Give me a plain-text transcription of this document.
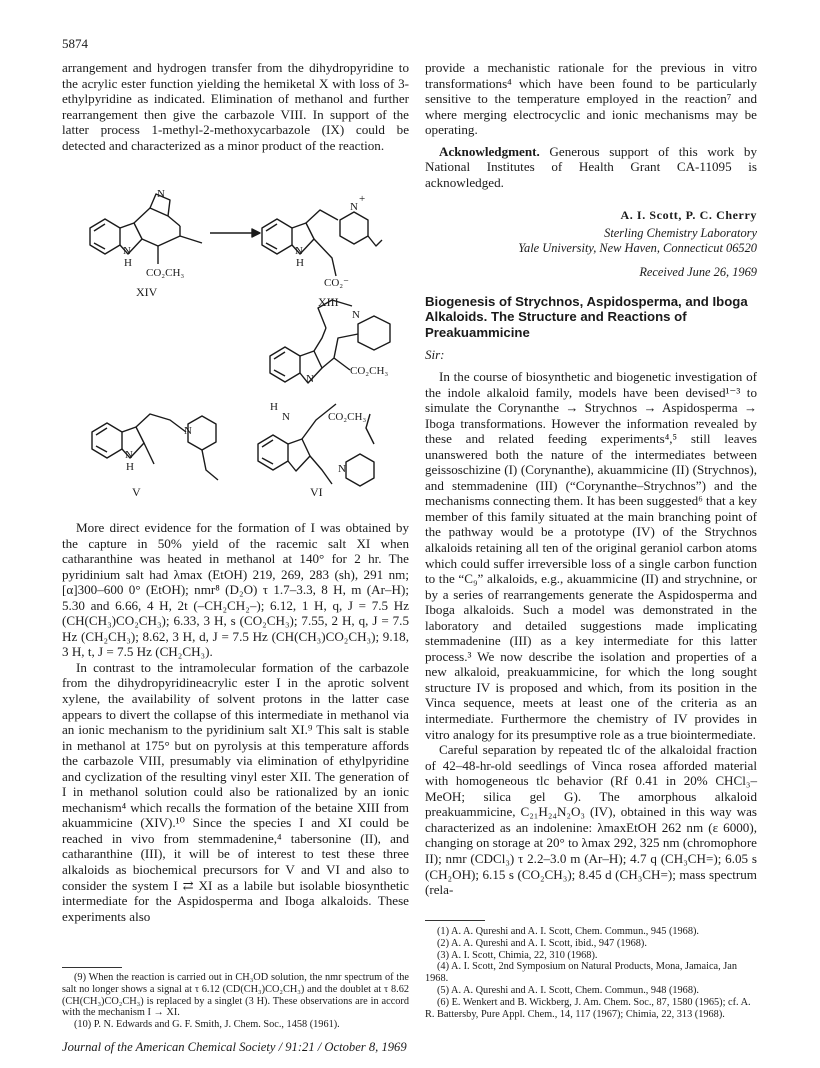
5874

arrangement and hydrogen transfer from the dihydropyridine to the acrylic ester function yielding the hemiketal X with loss of 3-ethylpyridine as indicated. Elimination of methanol and further rearrangement then give the carbazole VIII. In support of the latter process 1-methyl-2-methoxycarbazole (IX) could be detected and characterized as a minor product of the reaction.

provide a mechanistic rationale for the previous in vitro transformations⁴ which have been found to be particularly sensitive to the temperature employed in the reaction⁷ and where merging electrocyclic and ionic mechanisms may be operating.

Acknowledgment. Generous support of this work by National Institutes of Health Grant CA-11095 is acknowledged.

A. I. Scott, P. C. Cherry
Sterling Chemistry Laboratory
Yale University, New Haven, Connecticut 06520
Received June 26, 1969
N
N
H
CO₂CH₃
XIV
N
H
N
+
CO₂⁻
XIII
N
CO₂CH₃
N
H
N	CO₂CH₃
N
VI
N
N
H
V

More direct evidence for the formation of I was obtained by the capture in 50% yield of the racemic salt XI when catharanthine was heated in methanol at 140° for 2 hr. The pyridinium salt had λmax (EtOH) 219, 269, 283 (sh), 291 nm; [α]300–600 0° (EtOH); nmr⁸ (D₂O) τ 1.7–3.3, 8 H, m (Ar–H); 5.30 and 6.66, 4 H, 2t (–CH₂CH₂–); 6.12, 1 H, q, J = 7.5 Hz (CH(CH₃)CO₂CH₃); 6.33, 3 H, s (CO₂CH₃); 7.55, 2 H, q, J = 7.5 Hz (CH₂CH₃); 8.62, 3 H, d, J = 7.5 Hz (CH(CH₃)CO₂CH₃); 9.18, 3 H, t, J = 7.5 Hz (CH₂CH₃).

In contrast to the intramolecular formation of the carbazole from the dihydropyridineacrylic ester I in the aprotic solvent xylene, the availability of solvent protons in the latter case appears to divert the collapse of this intermediate in methanol via an ionic mechanism to the pyridinium salt XI.⁹ This salt is stable in methanol at 175° but on pyrolysis at this temperature affords the carbazole VIII, presumably via elimination of ethylpyridine and cyclization of the resulting vinyl ester XII. The generation of I in methanol solution could also be rationalized by an ionic mechanism⁴ which recalls the formation of the betaine XIII from akuammicine (XIV).¹⁰ Since the species I and XI could be reached in vivo from stemmadenine,⁴ tabersonine (II), and catharanthine (III), it will be of interest to test these three alkaloids as biochemical precursors for V and VI and also to consider the system I ⇄ XI as a labile but isolable biosynthetic intermediate for the Aspidosperma and Iboga alkaloids. These experiments also

(9) When the reaction is carried out in CH₃OD solution, the nmr spectrum of the salt no longer shows a signal at τ 6.12 (CD(CH₃)CO₂CH₃) and the doublet at τ 8.62 (CH(CH₃)CO₂CH₃) is replaced by a singlet (3 H). These observations are in accord with the mechanism I → XI.
(10) P. N. Edwards and G. F. Smith, J. Chem. Soc., 1458 (1961).
Biogenesis of Strychnos, Aspidosperma, and Iboga Alkaloids. The Structure and Reactions of Preakuammicine
Sir:

In the course of biosynthetic and biogenetic investigation of the indole alkaloid family, models have been devised¹⁻³ to simulate the Corynanthe → Strychnos → Aspidosperma → Iboga transformations. However the information revealed by these and related feeding experiments⁴,⁵ still leaves unanswered both the nature of the intermediates between geissoschizine (I) (Corynanthe), akuammicine (II) (Strychnos), and stemmadenine (III) (“Corynanthe–Strychnos”) and the mechanisms connecting them. It has been suggested⁶ that a key member of this family situated at the main branching point of the pathway would be a prototype (IV) of the Strychnos alkaloids retaining all ten of the original geraniol carbon atoms which could suffer irreversible loss of a single carbon function to the “C₉” alkaloids, e.g., akuammicine (II) and strychnine, or by a series of rearrangements generate the Aspidosperma and Iboga alkaloids. Such a model was demonstrated in the laboratory and detailed suggestions made implicating stemmadenine (III) as a key intermediate for this latter process.³ We now describe the isolation and properties of a new alkaloid, preakuammicine, for which the long sought structure IV is proposed and which, from its position in the Vinca sequence, meets at least one of the criteria as an intermediate. Furthermore the chemistry of IV provides in vitro analogy for its presumptive role as a true biointermediate.

Careful separation by repeated tlc of the alkaloidal fraction of 42–48-hr-old seedlings of Vinca rosea afforded material with homogeneous tlc behavior (Rf 0.41 in 20% CHCl₃–MeOH; silica gel G). The amorphous alkaloid preakuammicine, C₂₁H₂₄N₂O₃ (IV), obtained in this way was characterized as an indolenine: λmaxEtOH 262 nm (ε 6000), changing on storage at 20° to λmax 292, 325 nm (chromophore II); nmr (CDCl₃) τ 2.2–3.0 m (Ar–H); 4.7 q (CH₃CH=); 6.05 s (CH₂OH); 6.15 s (CO₂CH₃); 8.45 d (CH₃CH=); mass spectrum (rela-

(1) A. A. Qureshi and A. I. Scott, Chem. Commun., 945 (1968).
(2) A. A. Qureshi and A. I. Scott, ibid., 947 (1968).
(3) A. I. Scott, Chimia, 22, 310 (1968).
(4) A. I. Scott, 2nd Symposium on Natural Products, Mona, Jamaica, Jan 1968.
(5) A. A. Qureshi and A. I. Scott, Chem. Commun., 948 (1968).
(6) E. Wenkert and B. Wickberg, J. Am. Chem. Soc., 87, 1580 (1965); cf. A. R. Battersby, Pure Appl. Chem., 14, 117 (1967); Chimia, 22, 313 (1968).
Journal of the American Chemical Society / 91:21 / October 8, 1969
